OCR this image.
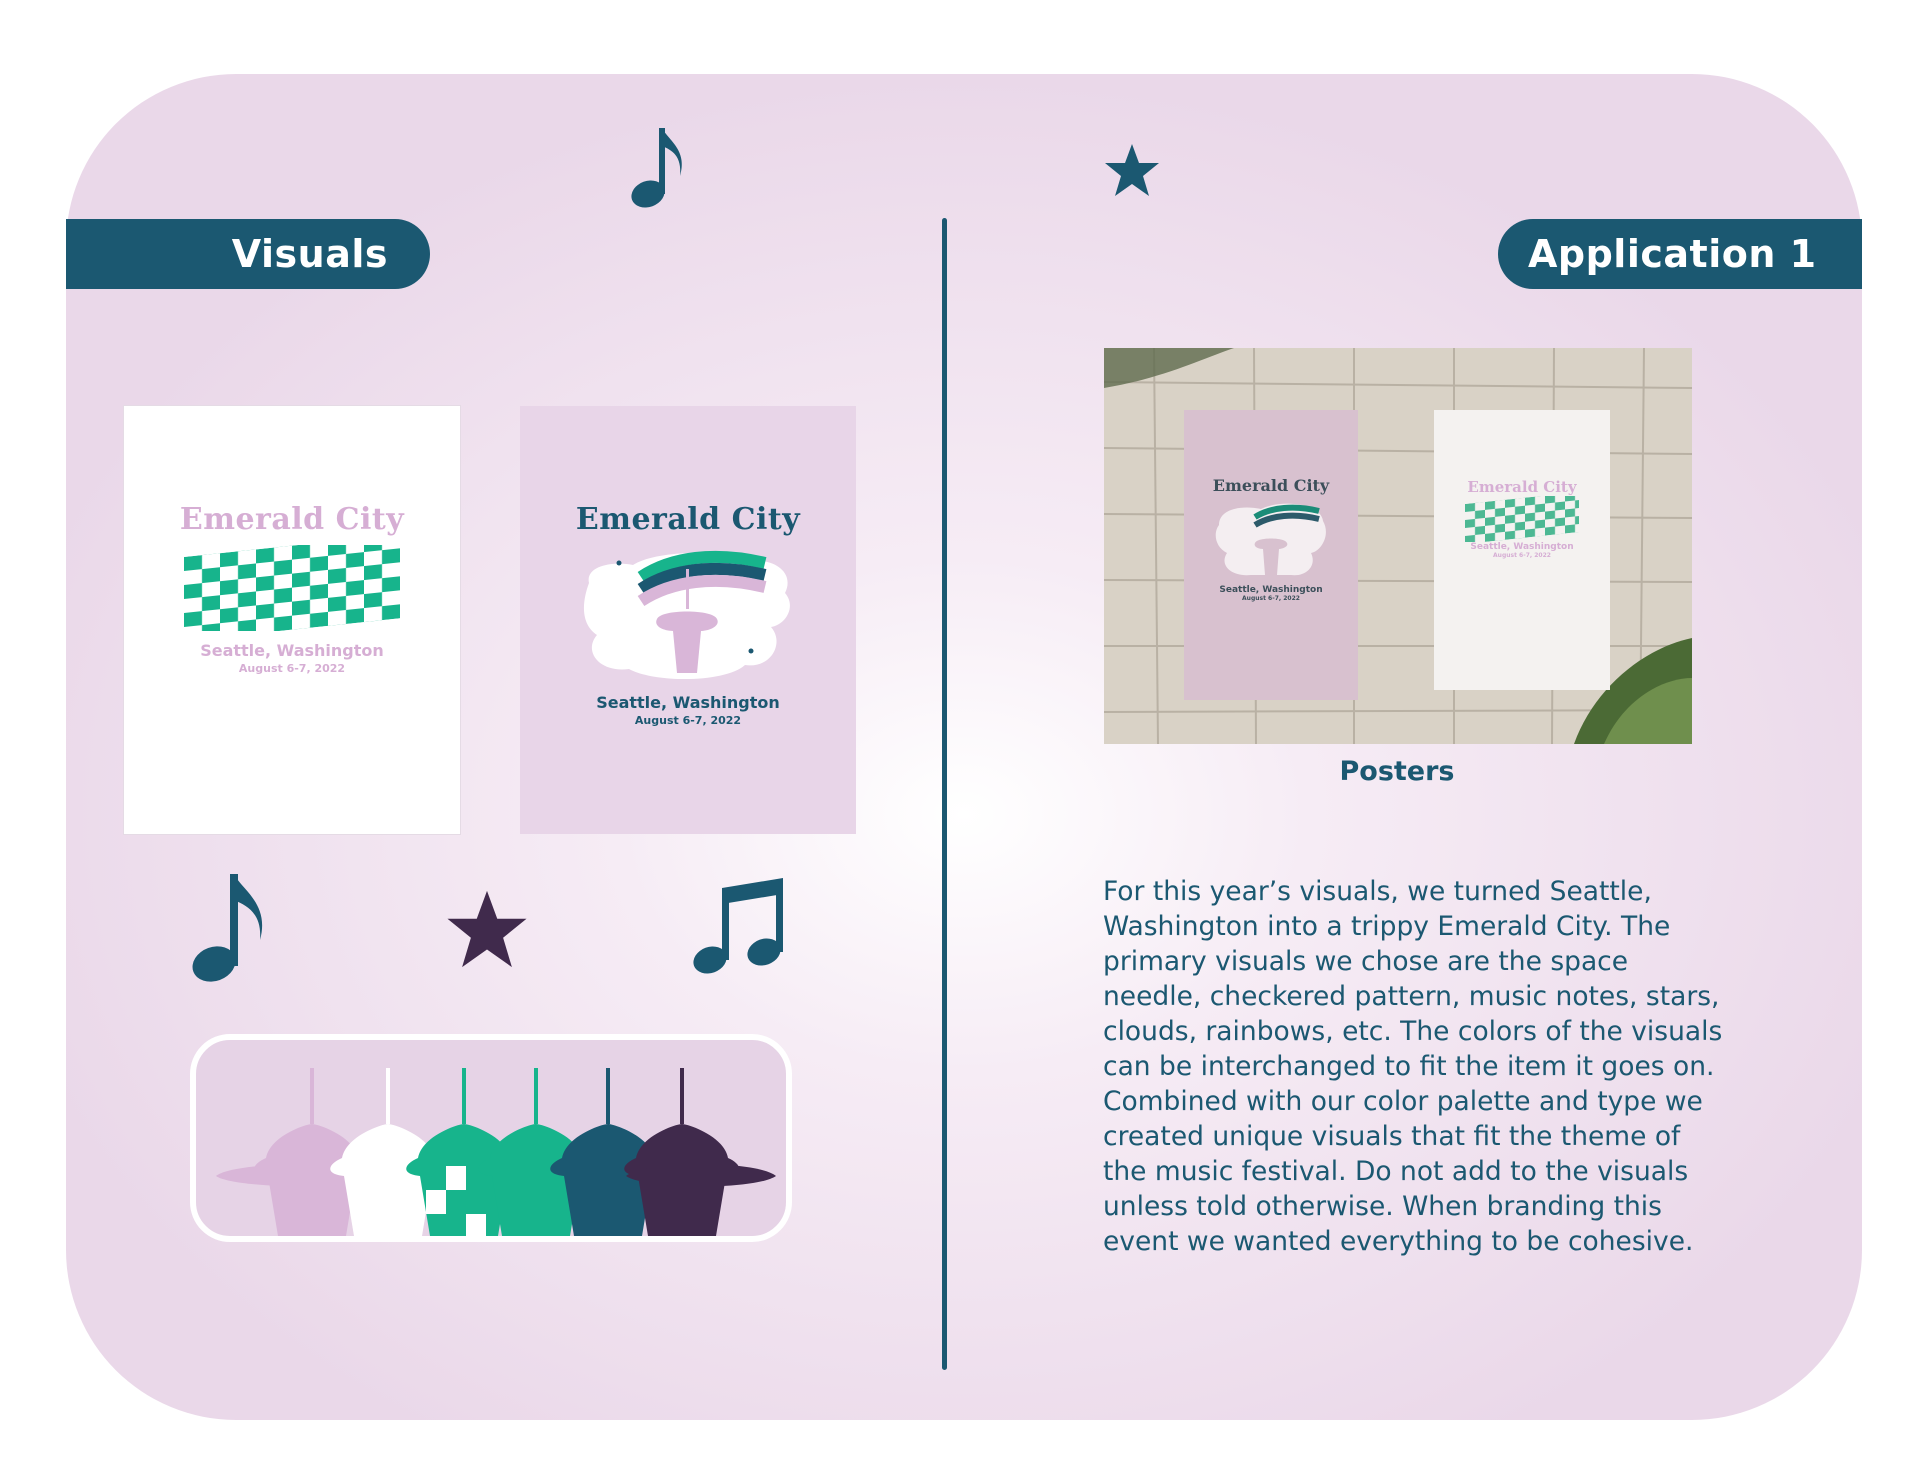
Visuals	Application 1
Emerald City
Seattle, Washington
August 6-7, 2022
Emerald City
Seattle, Washington
August 6-7, 2022
Emerald City
Seattle, Washington
August 6-7, 2022
Emerald City
Seattle, Washington
August 6-7, 2022
Posters
For this year’s visuals, we turned Seattle, Washington into a trippy Emerald City. The primary visuals we chose are the space needle, checkered pattern, music notes, stars, clouds, rainbows, etc. The colors of the visuals can be interchanged to fit the item it goes on. Combined with our color palette and type we created unique visuals that fit the theme of the music festival. Do not add to the visuals unless told otherwise. When branding this event we wanted everything to be cohesive.
